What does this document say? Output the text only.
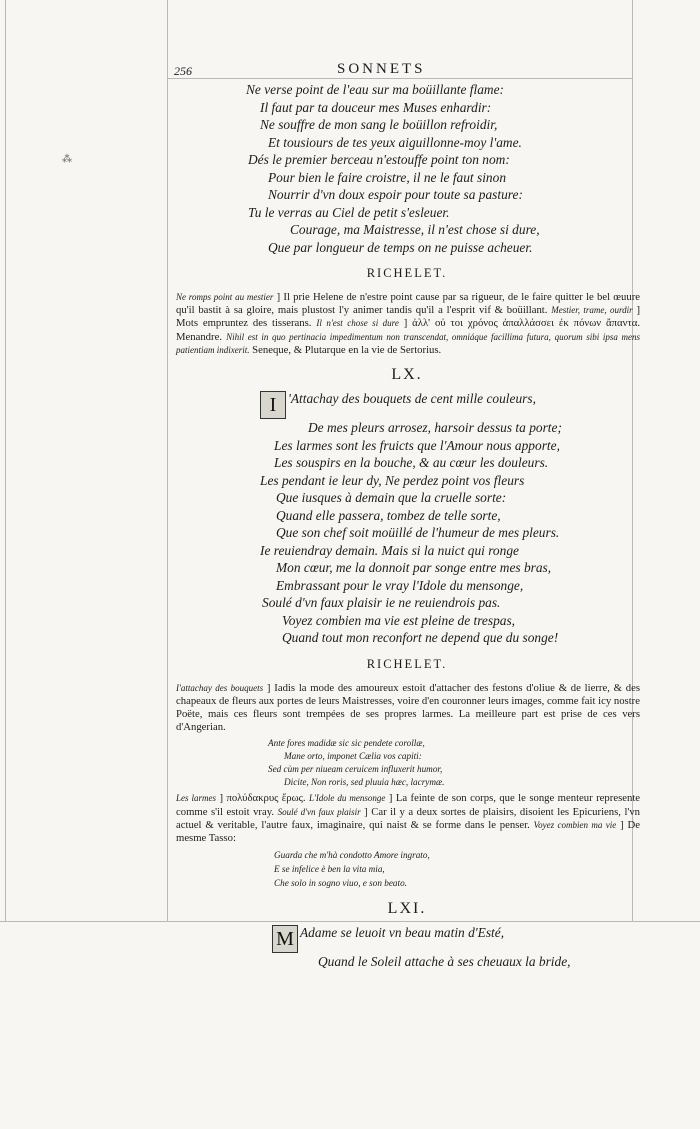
⁂
256	SONNETS
Ne verse point de l'eau sur ma boüillante flame:
Il faut par ta douceur mes Muses enhardir:
Ne souffre de mon sang le boüillon refroidir,
Et tousiours de tes yeux aiguillonne-moy l'ame.
Dés le premier berceau n'estouffe point ton nom:
Pour bien le faire croistre, il ne le faut sinon
Nourrir d'vn doux espoir pour toute sa pasture:
Tu le verras au Ciel de petit s'esleuer.
Courage, ma Maistresse, il n'est chose si dure,
Que par longueur de temps on ne puisse acheuer.
RICHELET.
Ne romps point au mestier ] Il prie Helene de n'estre point cause par sa rigueur, de le faire quitter le bel œuure qu'il bastit à sa gloire, mais plustost l'y animer tandis qu'il a l'esprit vif & boüillant. Mestier, trame, ourdir ] Mots empruntez des tisserans. Il n'est chose si dure ] ἀλλ' οὐ τοι χρόνος ἀπαλλάσσει ἐκ πόνων ἄπαντα. Menandre. Nihil est in quo pertinacia impedimentum non transcendat, omniáque facillima futura, quorum sibi ipsa mens patientiam indixerit. Seneque, & Plutarque en la vie de Sertorius.
LX.
I 'Attachay des bouquets de cent mille couleurs,
De mes pleurs arrosez, harsoir dessus ta porte;
Les larmes sont les fruicts que l'Amour nous apporte,
Les souspirs en la bouche, & au cœur les douleurs.
Les pendant ie leur dy, Ne perdez point vos fleurs
Que iusques à demain que la cruelle sorte:
Quand elle passera, tombez de telle sorte,
Que son chef soit moüillé de l'humeur de mes pleurs.
Ie reuiendray demain. Mais si la nuict qui ronge
Mon cœur, me la donnoit par songe entre mes bras,
Embrassant pour le vray l'Idole du mensonge,
Soulé d'vn faux plaisir ie ne reuiendrois pas.
Voyez combien ma vie est pleine de trespas,
Quand tout mon reconfort ne depend que du songe!
RICHELET.
I'attachay des bouquets ] Iadis la mode des amoureux estoit d'attacher des festons d'oliue & de lierre, & des chapeaux de fleurs aux portes de leurs Maistresses, voire d'en couronner leurs images, comme fait icy nostre Poëte, mais ces fleurs sont trempées de ses propres larmes. La meilleure part est prise de ces vers d'Angerian.
Ante fores madidæ sic sic pendete corollæ,
Mane orto, imponet Cælia vos capiti:
Sed cùm per niueam ceruicem influxerit humor,
Dicite, Non roris, sed pluuia hæc, lacrymæ.
Les larmes ] πολύδακρυς ἔρως. L'Idole du mensonge ] La feinte de son corps, que le songe menteur represente comme s'il estoit vray. Soulé d'vn faux plaisir ] Car il y a deux sortes de plaisirs, disoient les Epicuriens, l'vn actuel & veritable, l'autre faux, imaginaire, qui naist & se forme dans le penser. Voyez combien ma vie ] De mesme Tasso:
Guarda che m'hà condotto Amore ingrato,
E se infelice è ben la vita mia,
Che solo in sogno viuo, e son beato.
LXI.
M Adame se leuoit vn beau matin d'Esté,
Quand le Soleil attache à ses cheuaux la bride,
